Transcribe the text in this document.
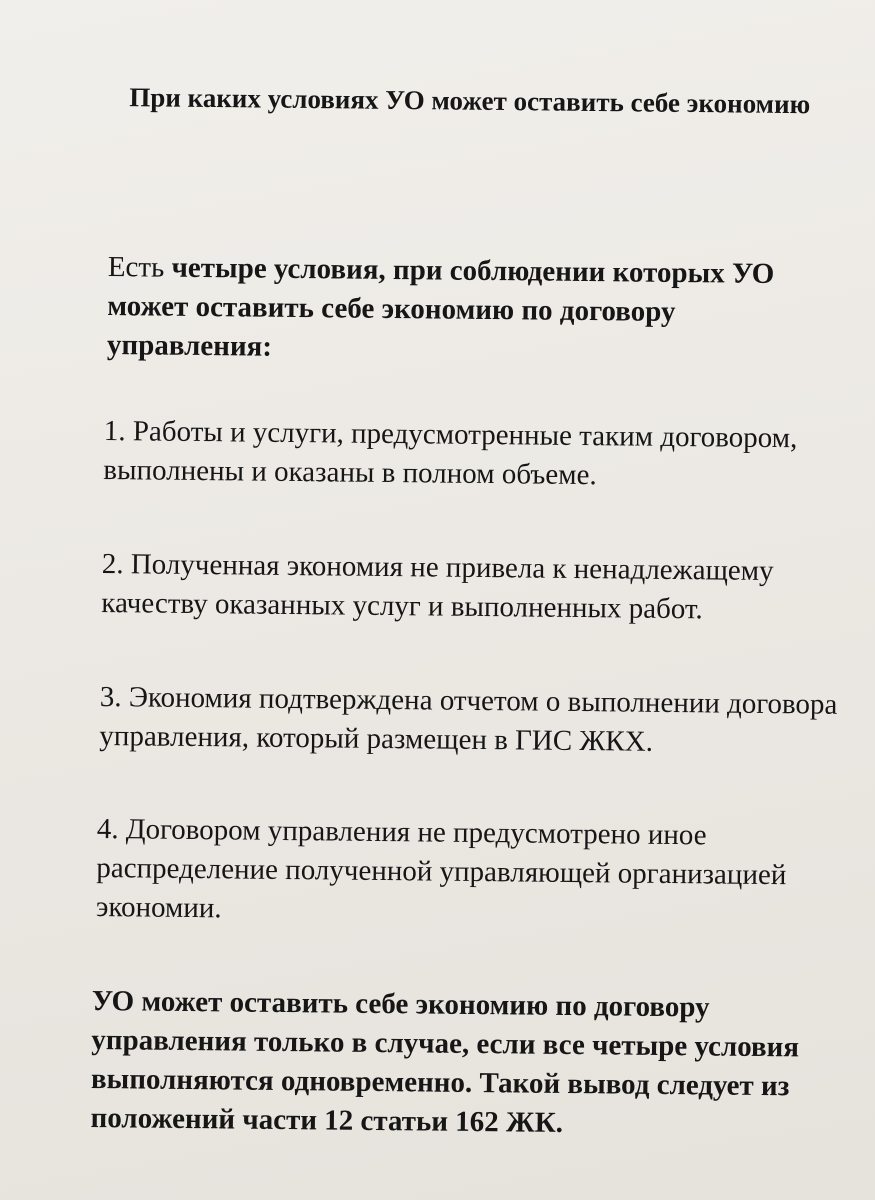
При каких условиях УО может оставить себе экономию
Есть четыре условия, при соблюдении которых УО может оставить себе экономию по договору управления:
1. Работы и услуги, предусмотренные таким договором, выполнены и оказаны в полном объеме.
2. Полученная экономия не привела к ненадлежащему качеству оказанных услуг и выполненных работ.
3. Экономия подтверждена отчетом о выполнении договора управления, который размещен в ГИС ЖКХ.
4. Договором управления не предусмотрено иное распределение полученной управляющей организацией экономии.
УО может оставить себе экономию по договору управления только в случае, если все четыре условия выполняются одновременно. Такой вывод следует из положений части 12 статьи 162 ЖК.
